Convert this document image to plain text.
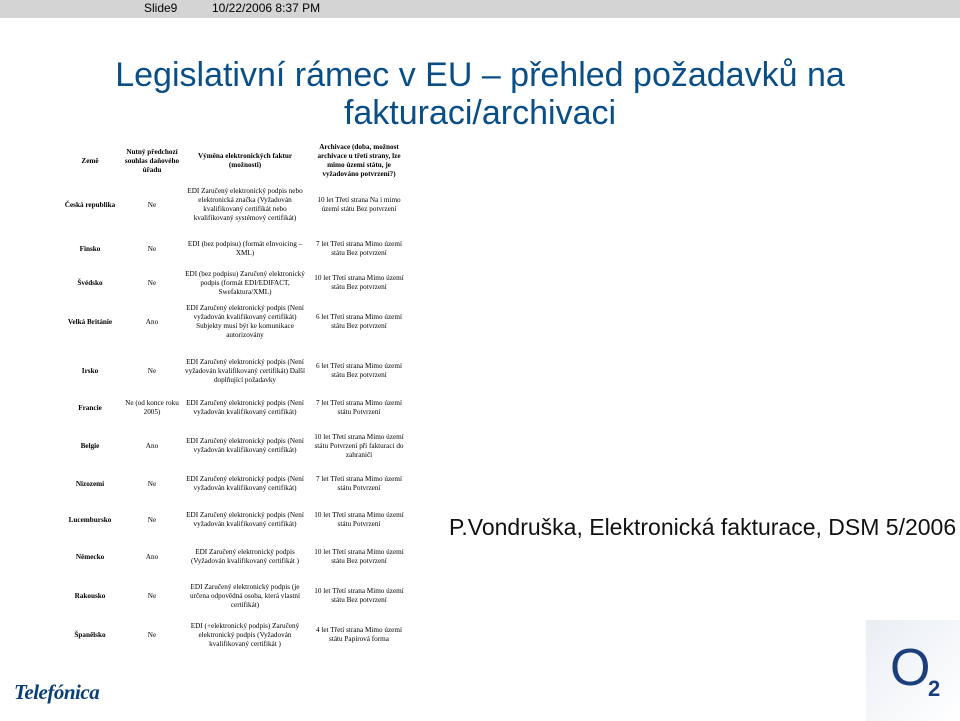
Slide9	10/22/2006 8:37 PM
Legislativní rámec v EU – přehled požadavků na fakturaci/archivaci
Země	Nutný předchozí souhlas daňového úřadu	Výměna elektronických faktur (možnosti)	Archivace (doba, možnost archivace u třetí strany, lze mimo území státu, je vyžadováno potvrzení?)
Česká republika	Ne	EDI Zaručený elektronický podpis nebo elektronická značka (Vyžadován kvalifikovaný certifikát nebo kvalifikovaný systémový certifikát)	10 let Třetí strana Na i mimo území státu Bez potvrzení

Finsko	Ne	EDI (bez podpisu) (formát eInvoicing – XML)	7 let Třetí strana Mimo území státu Bez potvrzení
Švédsko	Ne	EDI (bez podpisu) Zaručený elektronický podpis (formát EDI/EDIFACT, Swefaktura/XML)	10 let Třetí strana Mimo území státu Bez potvrzení
Velká Británie	Ano	EDI Zaručený elektronický podpis (Není vyžadován kvalifikovaný certifikát) Subjekty musí být ke komunikace autorizovány	6 let Třetí strana Mimo území státu Bez potvrzení

Irsko	Ne	EDI Zaručený elektronický podpis (Není vyžadován kvalifikovaný certifikát) Další doplňující požadavky	6 let Třetí strana Mimo území státu Bez potvrzení
Francie	Ne (od konce roku 2005)	EDI Zaručený elektronický podpis (Není vyžadován kvalifikovaný certifikát)	7 let Třetí strana Mimo území státu Potvrzení
Belgie	Ano	EDI Zaručený elektronický podpis (Není vyžadován kvalifikovaný certifikát)	10 let Třetí strana Mimo území státu Potvrzení při fakturaci do zahraničí
Nizozemí	Ne	EDI Zaručený elektronický podpis (Není vyžadován kvalifikovaný certifikát)	7 let Třetí strana Mimo území státu Potvrzení
Lucembursko	Ne	EDI Zaručený elektronický podpis (Není vyžadován kvalifikovaný certifikát)	10 let Třetí strana Mimo území státu Potvrzení
Německo	Ano	EDI Zaručený elektronický podpis (Vyžadován kvalifikovaný certifikát )	10 let Třetí strana Mimo území státu Bez potvrzení
Rakousko	Ne	EDI Zaručený elektronický podpis (je určena odpovědná osoba, která vlastní certifikát)	10 let Třetí strana Mimo území státu Bez potvrzení
Španělsko	Ne	EDI (+elektronický podpis) Zaručený elektronický podpis (Vyžadován kvalifikovaný certifikát )	4 let Třetí strana Mimo území státu Papírová forma
P.Vondruška, Elektronická fakturace, DSM 5/2006
Telefónica	O
2
